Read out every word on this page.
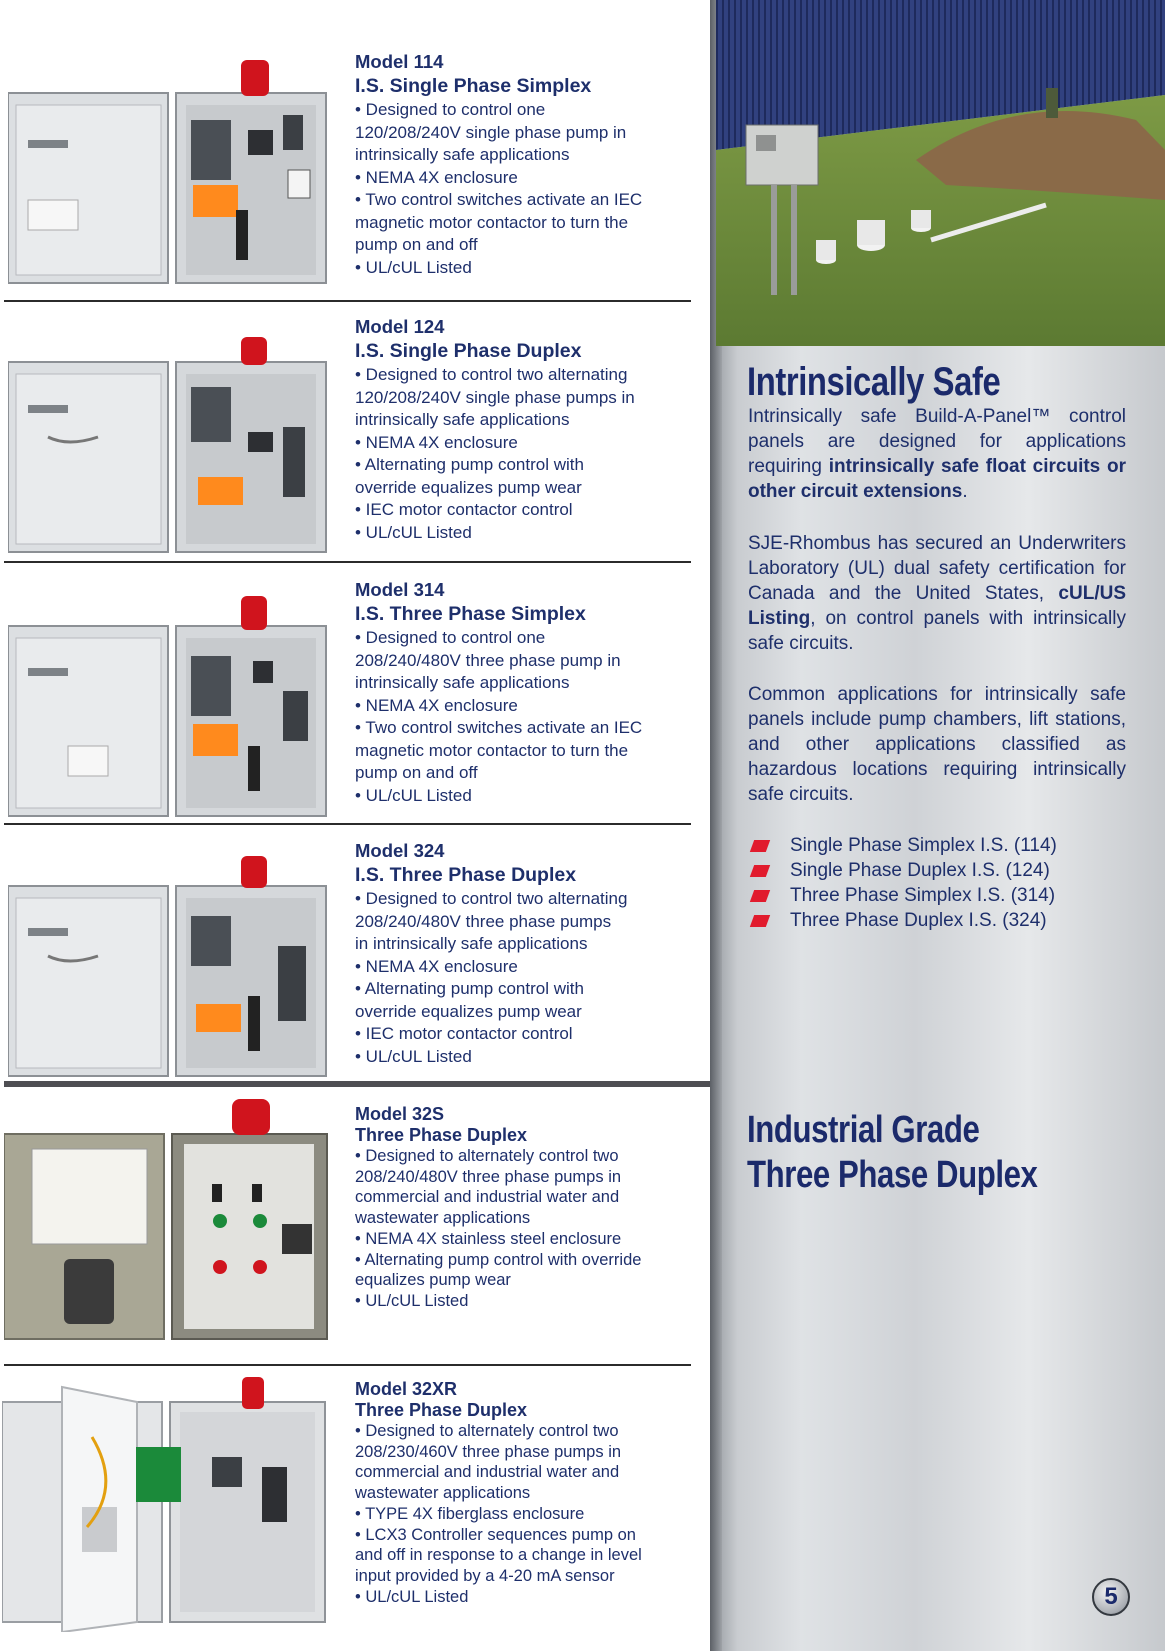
Model 114

I.S. Single Phase Simplex

• Designed to control one

120/208/240V single phase pump in

intrinsically safe applications

• NEMA 4X enclosure

• Two control switches activate an IEC

magnetic motor contactor to turn the

pump on and off

• UL/cUL Listed

Model 124

I.S. Single Phase Duplex

• Designed to control two alternating

120/208/240V single phase pumps in

intrinsically safe applications

• NEMA 4X enclosure

• Alternating pump control with

override equalizes pump wear

• IEC motor contactor control

• UL/cUL Listed

Model 314

I.S. Three Phase Simplex

• Designed to control one

208/240/480V three phase pump in

intrinsically safe applications

• NEMA 4X enclosure

• Two control switches activate an IEC

magnetic motor contactor to turn the

pump on and off

• UL/cUL Listed

Model 324

I.S. Three Phase Duplex

• Designed to control two alternating

208/240/480V three phase pumps

in intrinsically safe applications

• NEMA 4X enclosure

• Alternating pump control with

override equalizes pump wear

• IEC motor contactor control

• UL/cUL Listed

Model 32S

Three Phase Duplex

• Designed to alternately control two

208/240/480V three phase pumps in

commercial and industrial water and

wastewater applications

• NEMA 4X stainless steel enclosure

• Alternating pump control with override

equalizes pump wear

• UL/cUL Listed

Model 32XR

Three Phase Duplex

• Designed to alternately control two

208/230/460V three phase pumps in

commercial and industrial water and

wastewater applications

• TYPE 4X fiberglass enclosure

• LCX3 Controller sequences pump on

and off in response to a change in level

input provided by a 4-20 mA sensor

• UL/cUL Listed

Intrinsically Safe

Intrinsically safe Build-A-Panel™ control panels are designed for applications requiring intrinsically safe float circuits or other circuit extensions.

SJE-Rhombus has secured an Underwriters Laboratory (UL) dual safety certification for Canada and the United States, cUL/US Listing, on control panels with intrinsically safe circuits.

Common applications for intrinsically safe panels include pump chambers, lift stations, and other applications classified as hazardous locations requiring intrinsically safe circuits.

Single Phase Simplex I.S. (114)
Single Phase Duplex I.S. (124)
Three Phase Simplex I.S. (314)
Three Phase Duplex I.S. (324)
Industrial Grade
Three Phase Duplex
5
